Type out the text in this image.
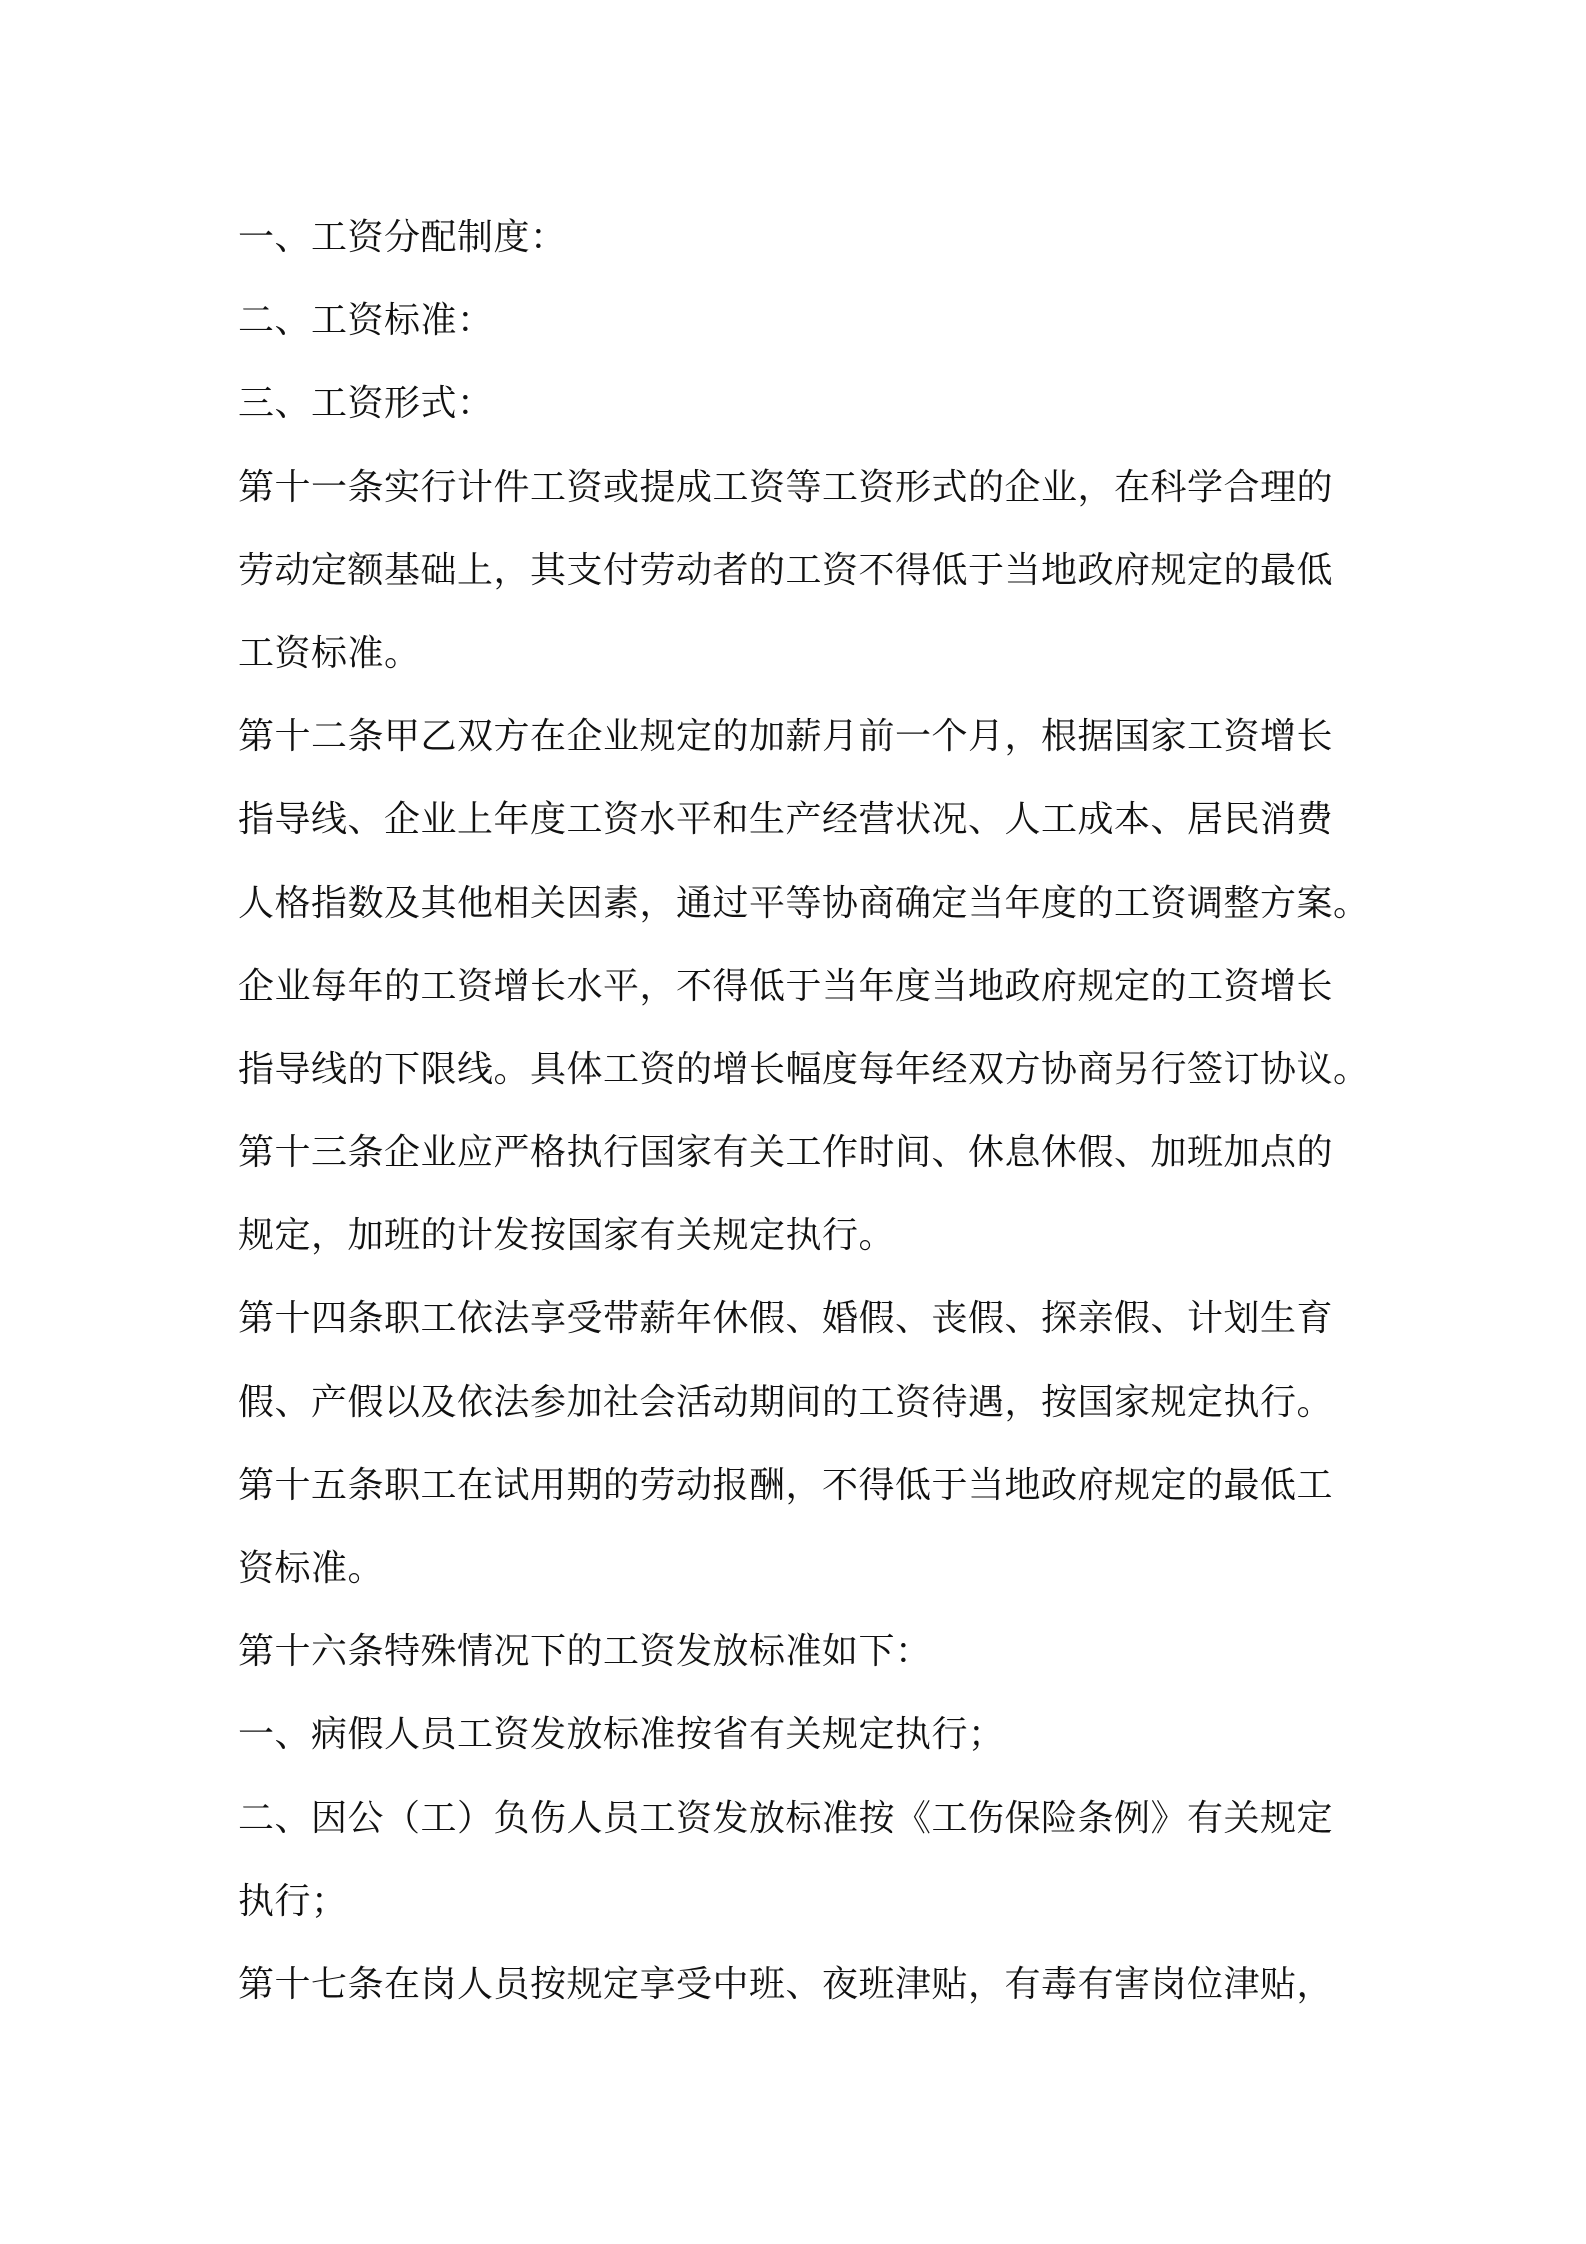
一、工资分配制度：
二、工资标准：
三、工资形式：
第十一条实行计件工资或提成工资等工资形式的企业，在科学合理的
劳动定额基础上，其支付劳动者的工资不得低于当地政府规定的最低
工资标准。
第十二条甲乙双方在企业规定的加薪月前一个月，根据国家工资增长
指导线、企业上年度工资水平和生产经营状况、人工成本、居民消费
人格指数及其他相关因素，通过平等协商确定当年度的工资调整方案。
企业每年的工资增长水平，不得低于当年度当地政府规定的工资增长
指导线的下限线。具体工资的增长幅度每年经双方协商另行签订协议。
第十三条企业应严格执行国家有关工作时间、休息休假、加班加点的
规定，加班的计发按国家有关规定执行。
第十四条职工依法享受带薪年休假、婚假、丧假、探亲假、计划生育
假、产假以及依法参加社会活动期间的工资待遇，按国家规定执行。
第十五条职工在试用期的劳动报酬，不得低于当地政府规定的最低工
资标准。
第十六条特殊情况下的工资发放标准如下：
一、病假人员工资发放标准按省有关规定执行；
二、因公（工）负伤人员工资发放标准按《工伤保险条例》有关规定
执行；
第十七条在岗人员按规定享受中班、夜班津贴，有毒有害岗位津贴，
